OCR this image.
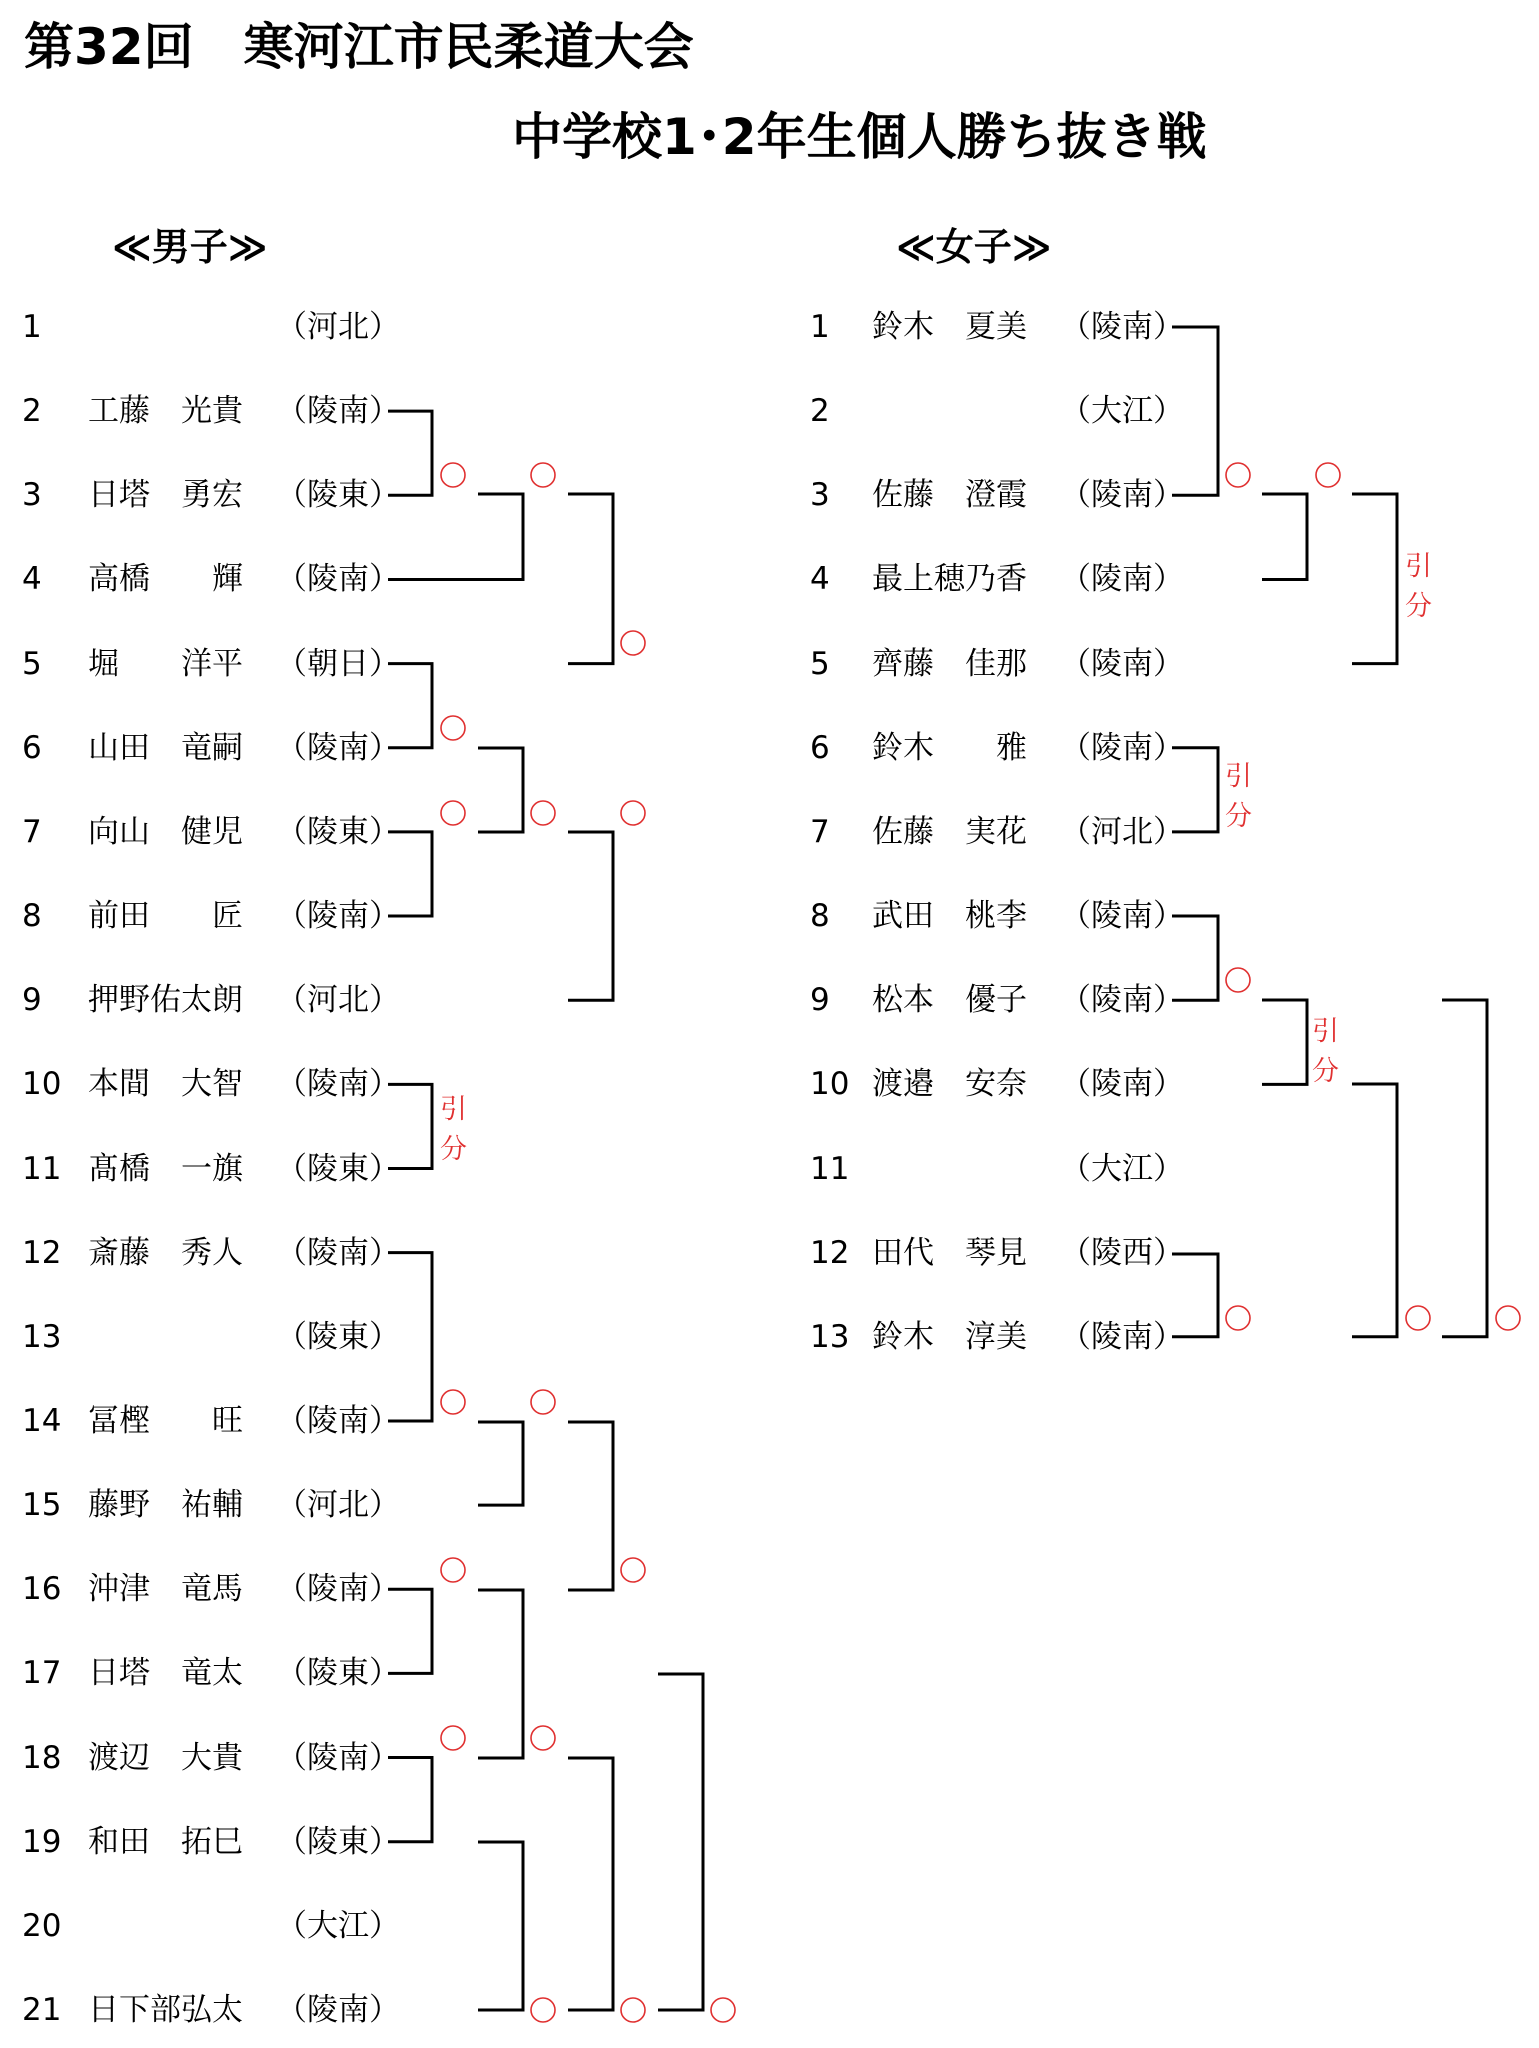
第32回　寒河江市民柔道大会
中学校1･2年生個人勝ち抜き戦
≪男子≫	≪女子≫
1	（河北）
2 工藤　光貴 （陵南）
3 日塔　勇宏 （陵東）
4 高橋　　輝 （陵南）
5 堀　　洋平 （朝日）
6 山田　竜嗣 （陵南）
7 向山　健児 （陵東）
8 前田　　匠 （陵南）
9 押野佑太朗 （河北）
10 本間　大智 （陵南）
11 髙橋　一旗 （陵東）
12 斎藤　秀人 （陵南）
13	（陵東）
14 冨樫　　旺 （陵南）
15 藤野　祐輔 （河北）
16 沖津　竜馬 （陵南）
17 日塔　竜太 （陵東）
18 渡辺　大貴 （陵南）
19 和田　拓巳 （陵東）
20	（大江）
21 日下部弘太 （陵南）
1 鈴木　夏美 （陵南）
2	（大江）
3 佐藤　澄霞 （陵南）
4 最上穂乃香 （陵南）
5 齊藤　佳那 （陵南）
6 鈴木　　雅 （陵南）
7 佐藤　実花 （河北）
8 武田　桃李 （陵南）
9 松本　優子 （陵南）
10 渡邉　安奈 （陵南）
11	（大江）
12 田代　琴見 （陵西）
13 鈴木　淳美 （陵南）
引
分
引
分
引
分
引
分
